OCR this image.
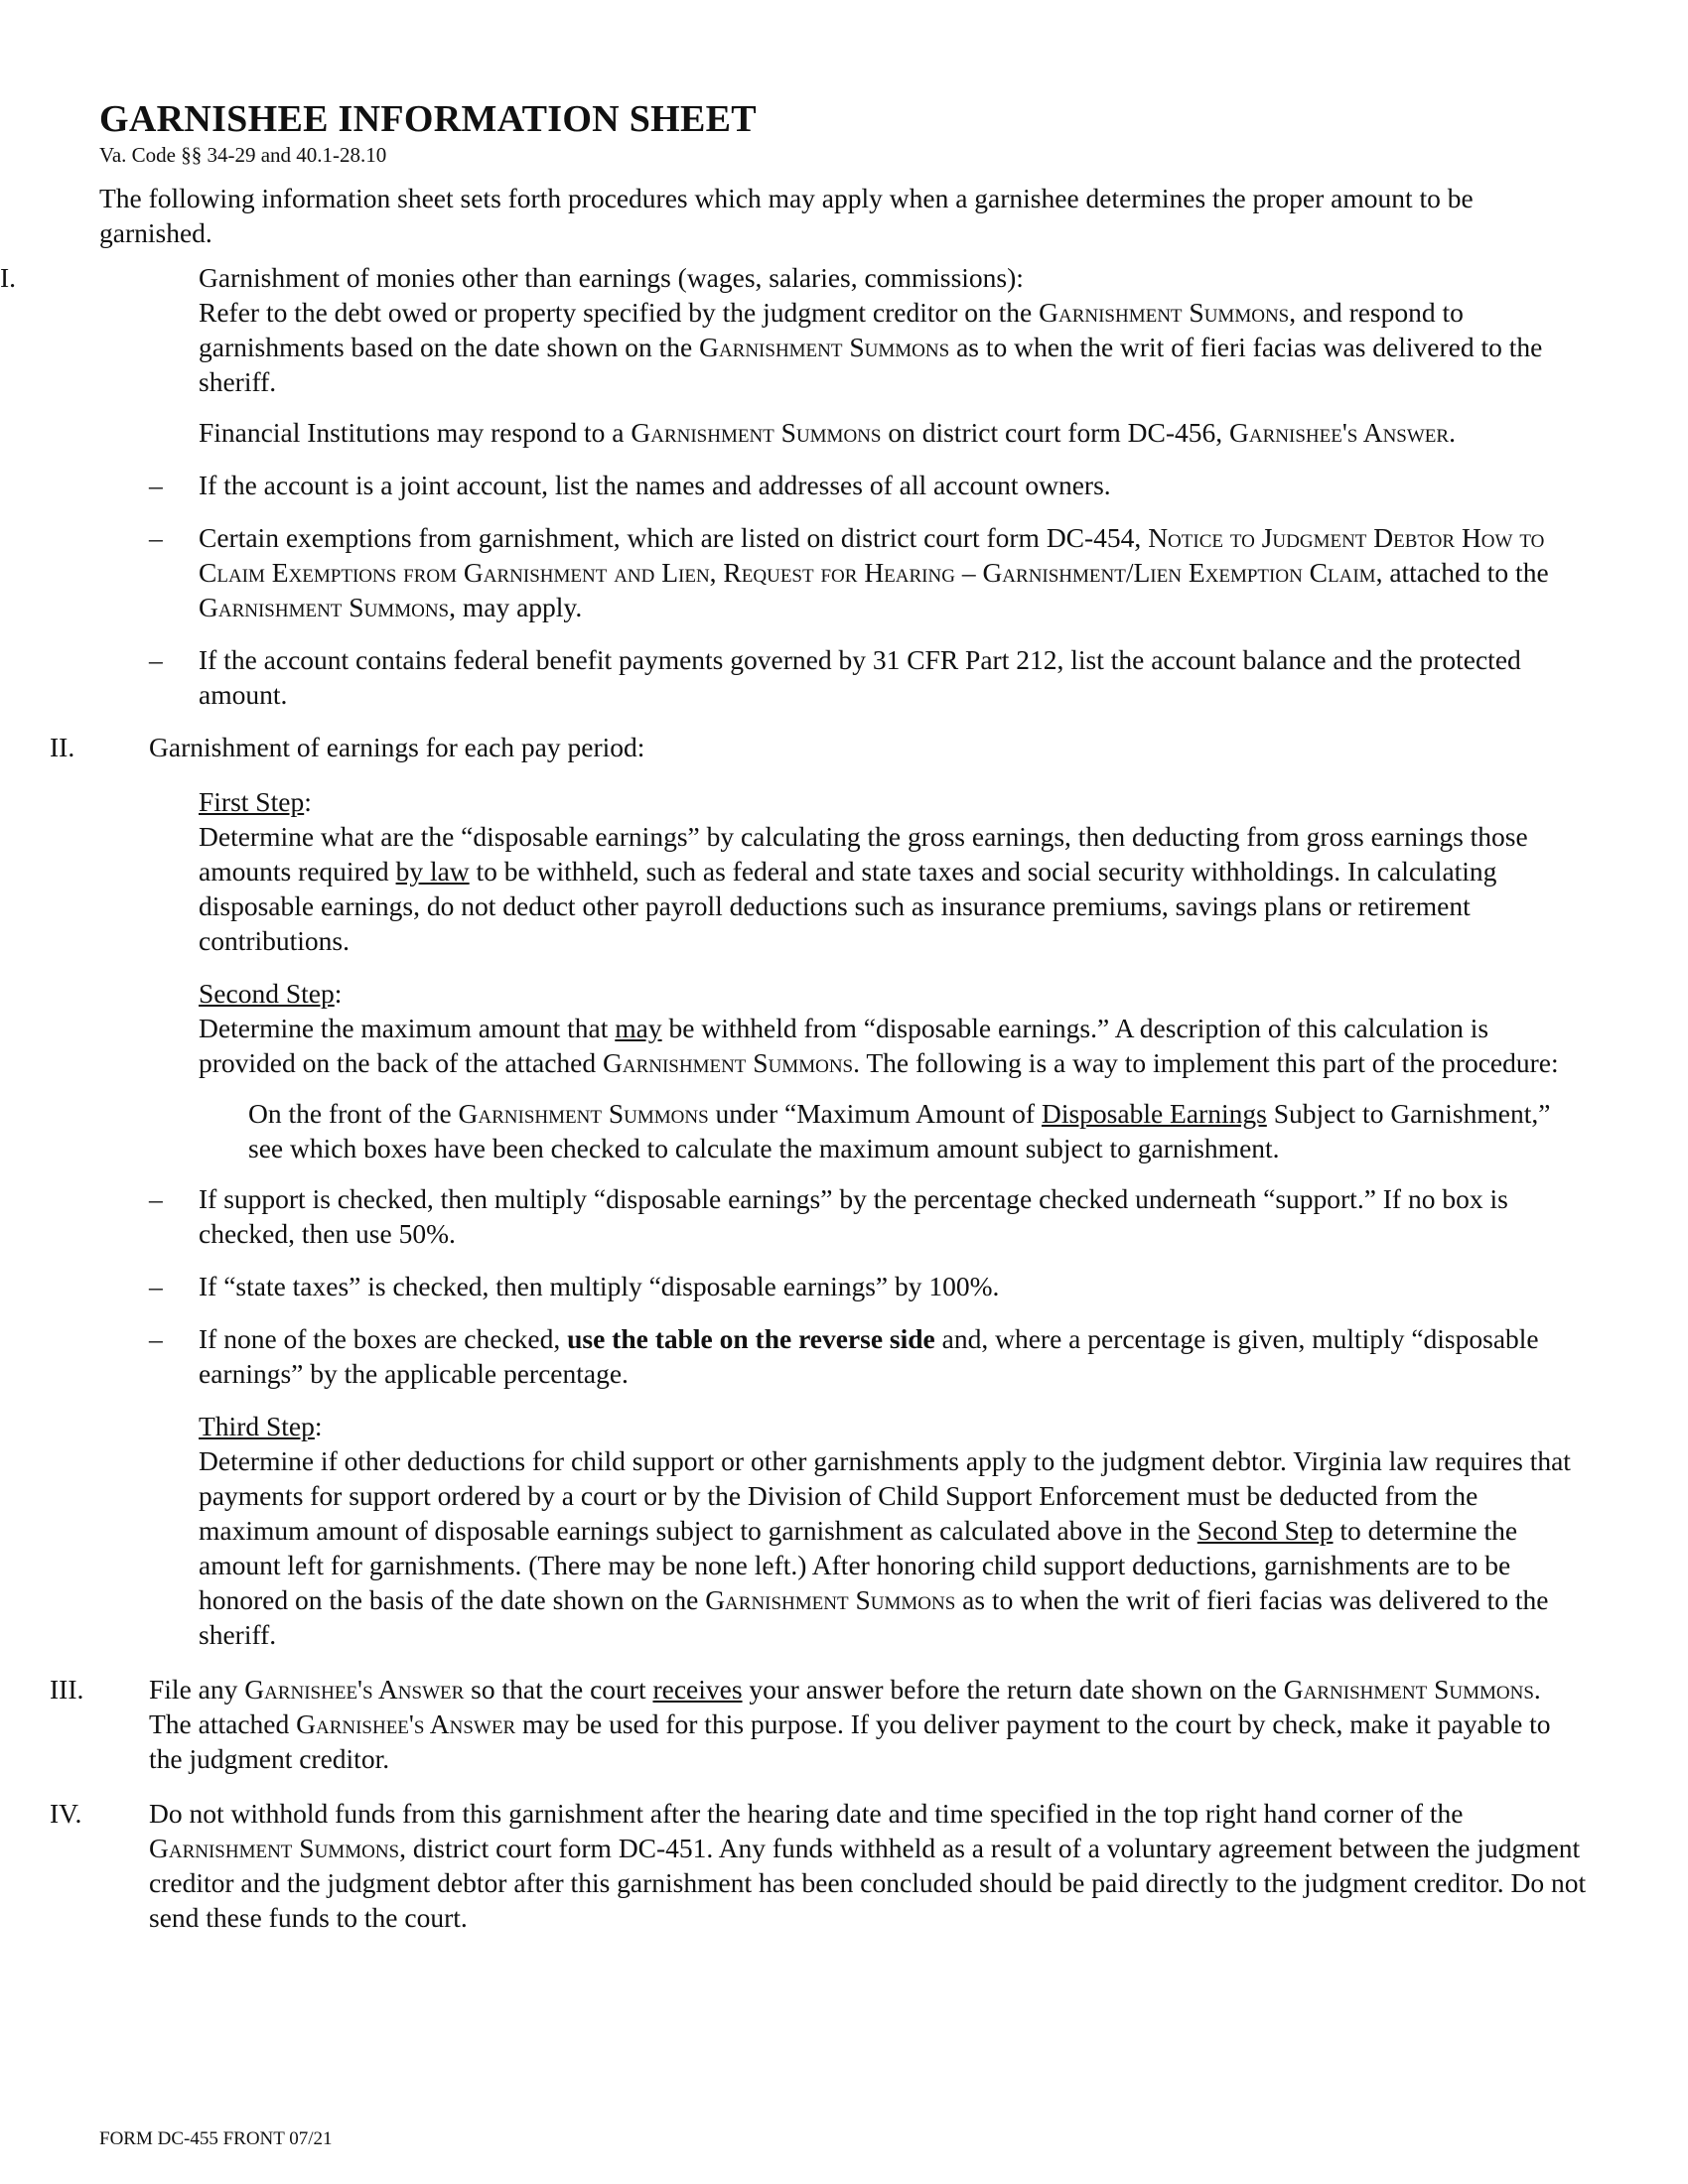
GARNISHEE INFORMATION SHEET
Va. Code §§ 34-29 and 40.1-28.10

The following information sheet sets forth procedures which may apply when a garnishee determines the proper amount to be garnished.

I.	Garnishment of monies other than earnings (wages, salaries, commissions):

Refer to the debt owed or property specified by the judgment creditor on the Garnishment Summons, and respond to garnishments based on the date shown on the Garnishment Summons as to when the writ of fieri facias was delivered to the sheriff.

Financial Institutions may respond to a Garnishment Summons on district court form DC-456, Garnishee's Answer.

– If the account is a joint account, list the names and addresses of all account owners.
– Certain exemptions from garnishment, which are listed on district court form DC-454, Notice to Judgment Debtor How to Claim Exemptions from Garnishment and Lien, Request for Hearing – Garnishment/Lien Exemption Claim, attached to the Garnishment Summons, may apply.
– If the account contains federal benefit payments governed by 31 CFR Part 212, list the account balance and the protected amount.
II.	Garnishment of earnings for each pay period:

First Step:

Determine what are the “disposable earnings” by calculating the gross earnings, then deducting from gross earnings those amounts required by law to be withheld, such as federal and state taxes and social security withholdings. In calculating disposable earnings, do not deduct other payroll deductions such as insurance premiums, savings plans or retirement contributions.

Second Step:

Determine the maximum amount that may be withheld from “disposable earnings.” A description of this calculation is provided on the back of the attached Garnishment Summons. The following is a way to implement this part of the procedure:

On the front of the Garnishment Summons under “Maximum Amount of Disposable Earnings Subject to Garnishment,” see which boxes have been checked to calculate the maximum amount subject to garnishment.

– If support is checked, then multiply “disposable earnings” by the percentage checked underneath “support.” If no box is checked, then use 50%.
– If “state taxes” is checked, then multiply “disposable earnings” by 100%.
– If none of the boxes are checked, use the table on the reverse side and, where a percentage is given, multiply “disposable earnings” by the applicable percentage.

Third Step:

Determine if other deductions for child support or other garnishments apply to the judgment debtor. Virginia law requires that payments for support ordered by a court or by the Division of Child Support Enforcement must be deducted from the maximum amount of disposable earnings subject to garnishment as calculated above in the Second Step to determine the amount left for garnishments. (There may be none left.) After honoring child support deductions, garnishments are to be honored on the basis of the date shown on the Garnishment Summons as to when the writ of fieri facias was delivered to the sheriff.

III. File any Garnishee's Answer so that the court receives your answer before the return date shown on the Garnishment Summons. The attached Garnishee's Answer may be used for this purpose. If you deliver payment to the court by check, make it payable to the judgment creditor.

IV. Do not withhold funds from this garnishment after the hearing date and time specified in the top right hand corner of the Garnishment Summons, district court form DC-451. Any funds withheld as a result of a voluntary agreement between the judgment creditor and the judgment debtor after this garnishment has been concluded should be paid directly to the judgment creditor. Do not send these funds to the court.

FORM DC-455 FRONT 07/21
